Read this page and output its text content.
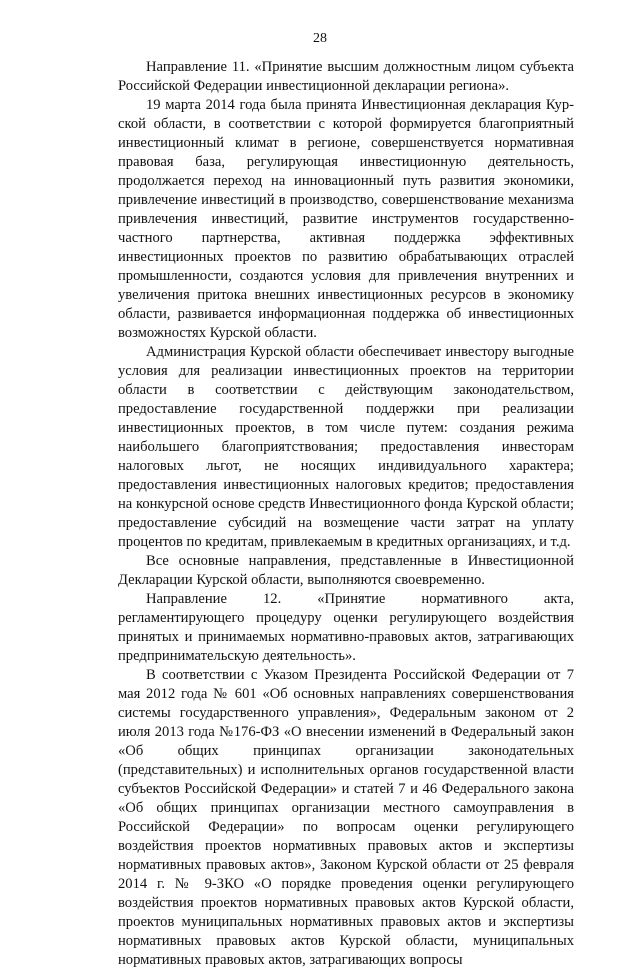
28

Направление 11. «Принятие высшим должностным лицом субъекта Российской Федерации инвестиционной декларации региона».

19 марта 2014 года была принята Инвестиционная декларация Курской области, в соответствии с которой формируется благоприятный инвестиционный климат в регионе, совершенствуется нормативная правовая база, регулирующая инвестиционную деятельность, продолжается переход на инновационный путь развития экономики, привлечение инвестиций в производство, совершенствование механизма привлечения инвестиций, развитие инструментов государственно-частного партнерства, активная поддержка эффективных инвестиционных проектов по развитию обрабатывающих отраслей промышленности, создаются условия для привлечения внутренних и увеличения притока внешних инвестиционных ресурсов в экономику области, развивается информационная поддержка об инвестиционных возможностях Курской области.

Администрация Курской области обеспечивает инвестору выгодные условия для реализации инвестиционных проектов на территории области в соответствии с действующим законодательством, предоставление государственной поддержки при реализации инвестиционных проектов, в том числе путем: создания режима наибольшего благоприятствования; предоставления инвесторам налоговых льгот, не носящих индивидуального характера; предоставления инвестиционных налоговых кредитов; предоставления на конкурсной основе средств Инвестиционного фонда Курской области; предоставление субсидий на возмещение части затрат на уплату процентов по кредитам, привлекаемым в кредитных организациях, и т.д.

Все основные направления, представленные в Инвестиционной Декларации Курской области, выполняются своевременно.

Направление 12. «Принятие нормативного акта, регламентирующего процедуру оценки регулирующего воздействия принятых и принимаемых нормативно-правовых актов, затрагивающих предпринимательскую деятельность».

В соответствии с Указом Президента Российской Федерации от 7 мая 2012 года № 601 «Об основных направлениях совершенствования системы государственного управления», Федеральным законом от 2 июля 2013 года №176-ФЗ «О внесении изменений в Федеральный закон «Об общих принципах организации законодательных (представительных) и исполнительных органов государственной власти субъектов Российской Федерации» и статей 7 и 46 Федерального закона «Об общих принципах организации местного самоуправления в Российской Федерации» по вопросам оценки регулирующего воздействия проектов нормативных правовых актов и экспертизы нормативных правовых актов», Законом Курской области от 25 февраля 2014 г. № 9-ЗКО «О порядке проведения оценки регулирующего воздействия проектов нормативных правовых актов Курской области, проектов муниципальных нормативных правовых актов и экспертизы нормативных правовых актов Курской области, муниципальных нормативных правовых актов, затрагивающих вопросы
